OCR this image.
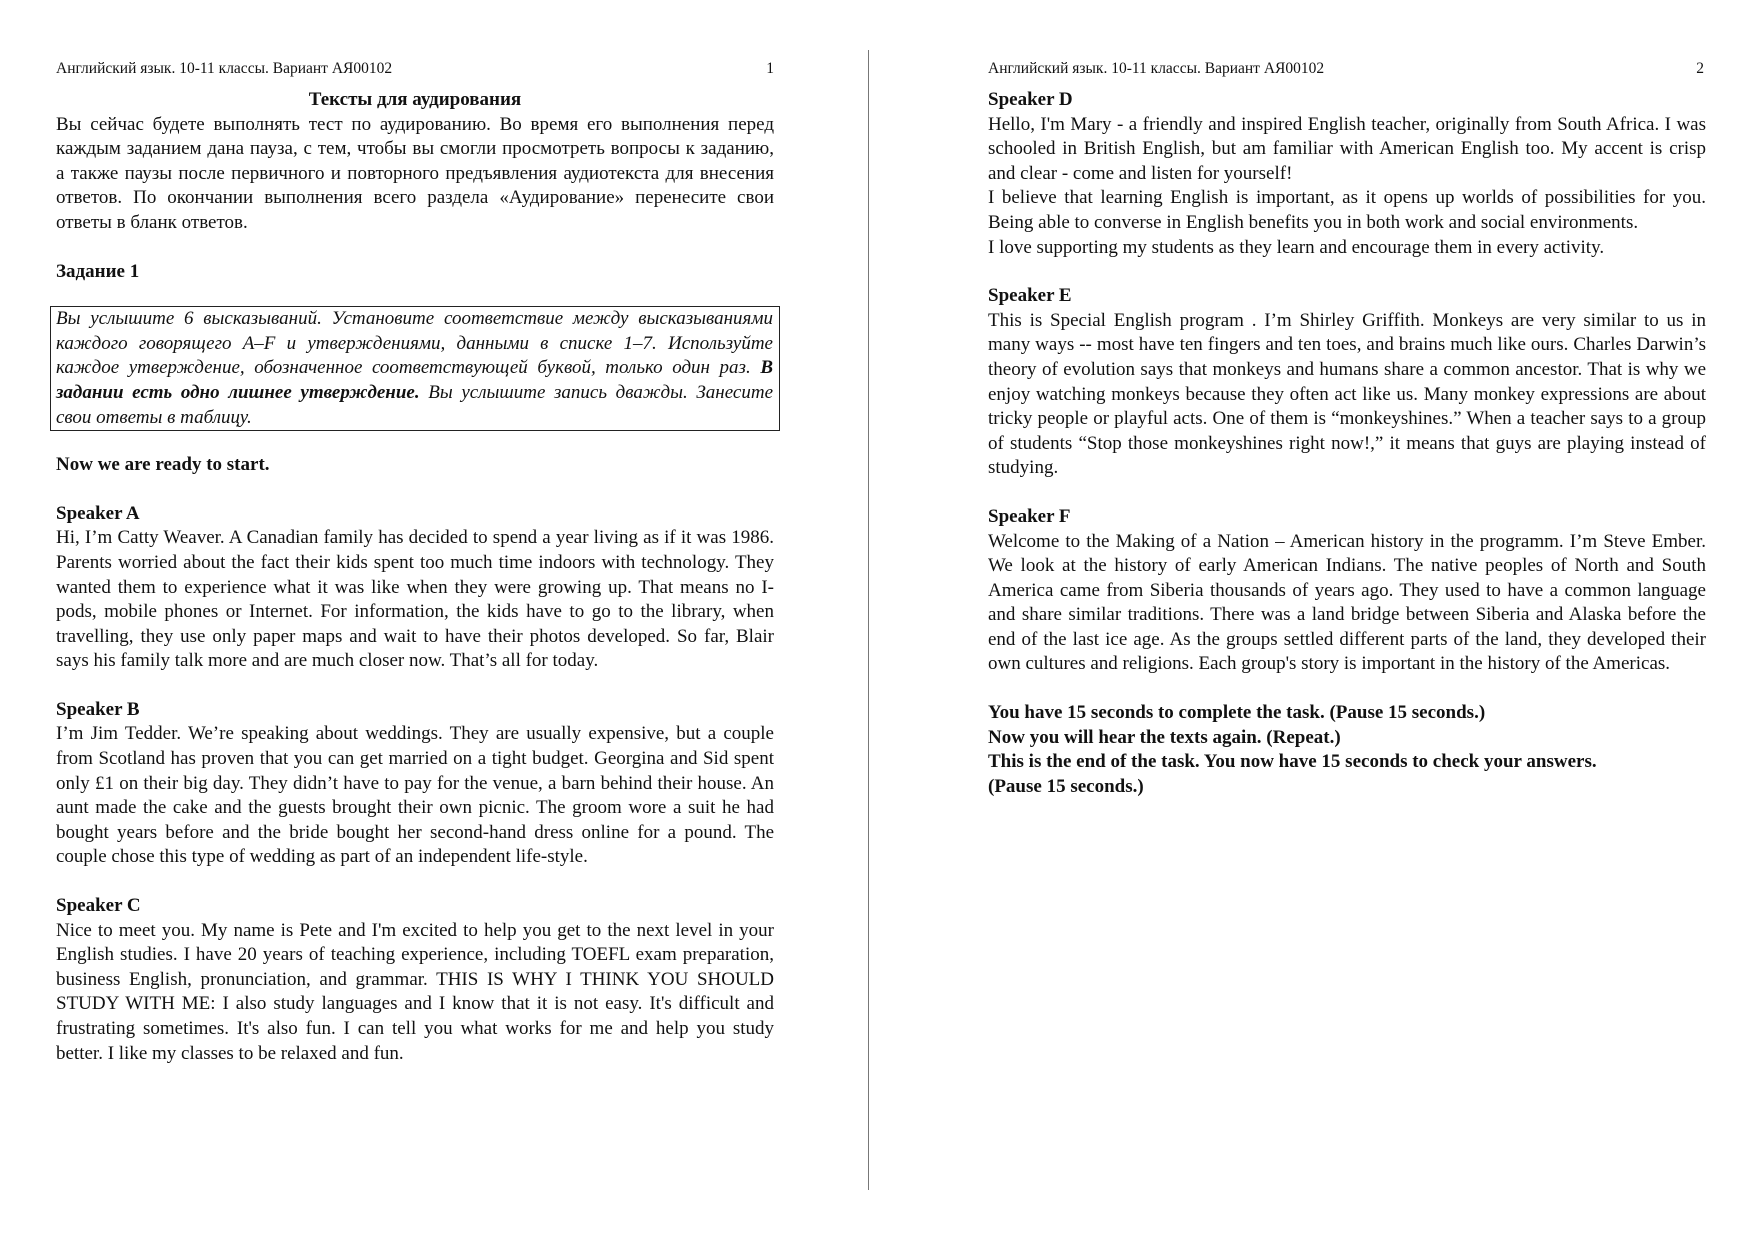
Английский язык. 10-11 классы. Вариант АЯ00102	1	Английский язык. 10-11 классы. Вариант АЯ00102	2

Тексты для аудирования

Вы сейчас будете выполнять тест по аудированию. Во время его выполнения перед каждым заданием дана пауза, с тем, чтобы вы смогли просмотреть вопросы к заданию, а также паузы после первичного и повторного предъявления аудиотекста для внесения ответов. По окончании выполнения всего раздела «Аудирование» перенесите свои ответы в бланк ответов.

Задание 1

Вы услышите 6 высказываний. Установите соответствие между высказываниями каждого говорящего A–F и утверждениями, данными в списке 1–7. Используйте каждое утверждение, обозначенное соответствующей буквой, только один раз. В задании есть одно лишнее утверждение. Вы услышите запись дважды. Занесите свои ответы в таблицу.

Now we are ready to start.

Speaker A

Hi, I’m Catty Weaver. A Canadian family has decided to spend a year living as if it was 1986. Parents worried about the fact their kids spent too much time indoors with technology. They wanted them to experience what it was like when they were growing up. That means no I-pods, mobile phones or Internet. For information, the kids have to go to the library, when travelling, they use only paper maps and wait to have their photos developed. So far, Blair says his family talk more and are much closer now. That’s all for today.

Speaker B

I’m Jim Tedder. We’re speaking about weddings. They are usually expensive, but a couple from Scotland has proven that you can get married on a tight budget. Georgina and Sid spent only £1 on their big day. They didn’t have to pay for the venue, a barn behind their house. An aunt made the cake and the guests brought their own picnic. The groom wore a suit he had bought years before and the bride bought her second-hand dress online for a pound. The couple chose this type of wedding as part of an independent life-style.

Speaker C

Nice to meet you. My name is Pete and I'm excited to help you get to the next level in your English studies. I have 20 years of teaching experience, including TOEFL exam preparation, business English, pronunciation, and grammar. THIS IS WHY I THINK YOU SHOULD STUDY WITH ME: I also study languages and I know that it is not easy. It's difficult and frustrating sometimes. It's also fun. I can tell you what works for me and help you study better. I like my classes to be relaxed and fun.

Speaker D

Hello, I'm Mary - a friendly and inspired English teacher, originally from South Africa. I was schooled in British English, but am familiar with American English too. My accent is crisp and clear - come and listen for yourself!

I believe that learning English is important, as it opens up worlds of possibilities for you. Being able to converse in English benefits you in both work and social environments.

I love supporting my students as they learn and encourage them in every activity.

Speaker E

This is Special English program . I’m Shirley Griffith. Monkeys are very similar to us in many ways -- most have ten fingers and ten toes, and brains much like ours. Charles Darwin’s theory of evolution says that monkeys and humans share a common ancestor. That is why we enjoy watching monkeys because they often act like us. Many monkey expressions are about tricky people or playful acts. One of them is “monkeyshines.” When a teacher says to a group of students “Stop those monkeyshines right now!,” it means that guys are playing instead of studying.

Speaker F

Welcome to the Making of a Nation – American history in the programm. I’m Steve Ember. We look at the history of early American Indians. The native peoples of North and South America came from Siberia thousands of years ago. They used to have a common language and share similar traditions. There was a land bridge between Siberia and Alaska before the end of the last ice age. As the groups settled different parts of the land, they developed their own cultures and religions. Each group's story is important in the history of the Americas.

You have 15 seconds to complete the task. (Pause 15 seconds.)

Now you will hear the texts again. (Repeat.)

This is the end of the task. You now have 15 seconds to check your answers.

(Pause 15 seconds.)
